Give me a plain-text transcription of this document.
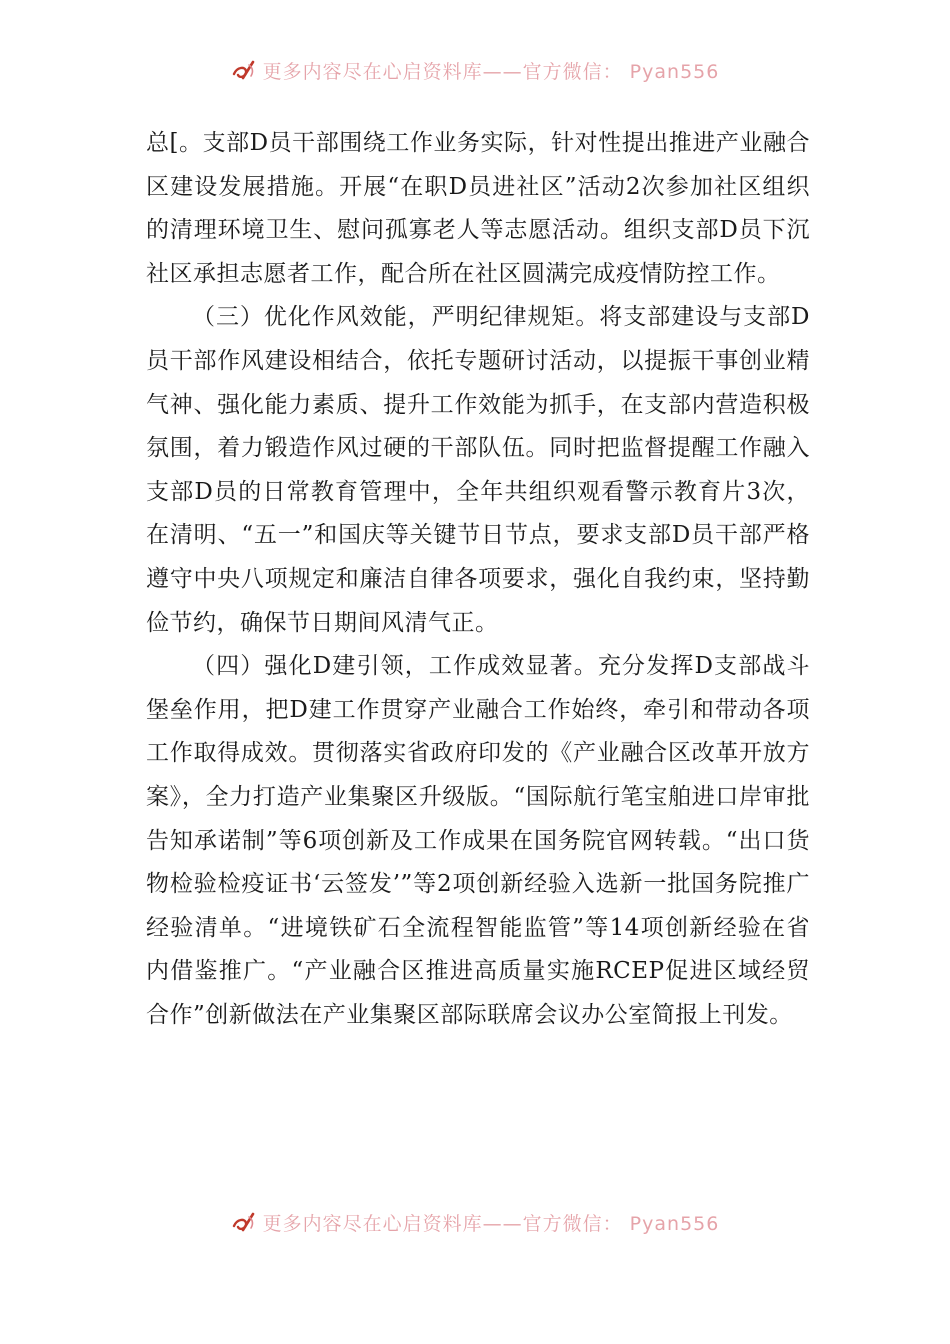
更多内容尽在心启资料库——官方微信： Pyan556

总[。支部D员干部围绕工作业务实际，针对性提出推进产业融合区建设发展措施。开展“在职D员进社区”活动2次参加社区组织的清理环境卫生、慰问孤寡老人等志愿活动。组织支部D员下沉社区承担志愿者工作，配合所在社区圆满完成疫情防控工作。

（三）优化作风效能，严明纪律规矩。将支部建设与支部D员干部作风建设相结合，依托专题研讨活动，以提振干事创业精气神、强化能力素质、提升工作效能为抓手，在支部内营造积极氛围，着力锻造作风过硬的干部队伍。同时把监督提醒工作融入支部D员的日常教育管理中，全年共组织观看警示教育片3次，在清明、“五一”和国庆等关键节日节点，要求支部D员干部严格遵守中央八项规定和廉洁自律各项要求，强化自我约束，坚持勤俭节约，确保节日期间风清气正。

（四）强化D建引领，工作成效显著。充分发挥D支部战斗堡垒作用，把D建工作贯穿产业融合工作始终，牵引和带动各项工作取得成效。贯彻落实省政府印发的《产业融合区改革开放方案》，全力打造产业集聚区升级版。“国际航行笔宝舶进口岸审批告知承诺制”等6项创新及工作成果在国务院官网转载。“出口货物检验检疫证书‘云签发’”等2项创新经验入选新一批国务院推广经验清单。“进境铁矿石全流程智能监管”等14项创新经验在省内借鉴推广。“产业融合区推进高质量实施RCEP促进区域经贸合作”创新做法在产业集聚区部际联席会议办公室简报上刊发。

更多内容尽在心启资料库——官方微信： Pyan556
